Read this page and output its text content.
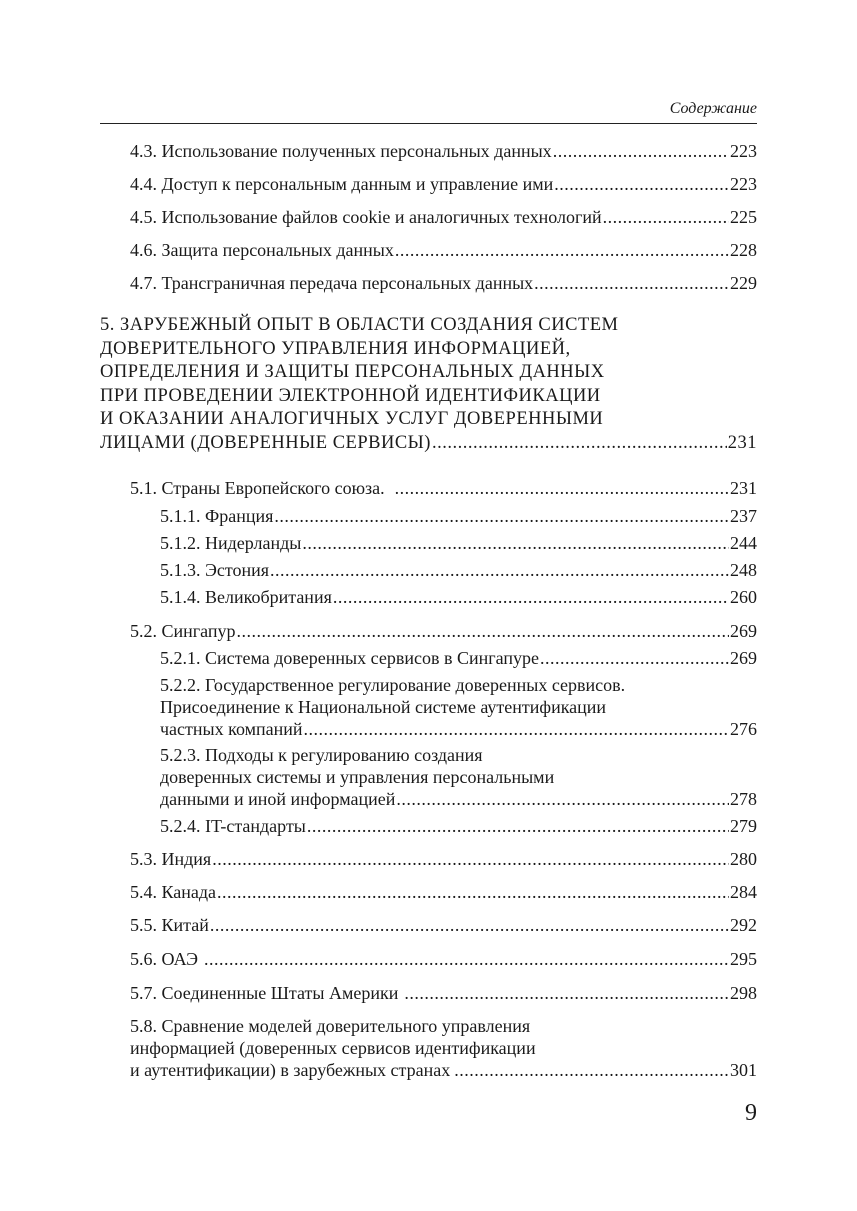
Содержание
4.3. Использование полученных персональных данных .....	223
4.4. Доступ к персональным данным и управление ими .....	223
4.5. Использование файлов cookie и аналогичных технологий .....	225
4.6. Защита персональных данных .....	228
4.7. Трансграничная передача персональных данных .....	229
5. ЗАРУБЕЖНЫЙ ОПЫТ В ОБЛАСТИ СОЗДАНИЯ СИСТЕМ
ДОВЕРИТЕЛЬНОГО УПРАВЛЕНИЯ ИНФОРМАЦИЕЙ,
ОПРЕДЕЛЕНИЯ И ЗАЩИТЫ ПЕРСОНАЛЬНЫХ ДАННЫХ
ПРИ ПРОВЕДЕНИИ ЭЛЕКТРОННОЙ ИДЕНТИФИКАЦИИ
И ОКАЗАНИИ АНАЛОГИЧНЫХ УСЛУГ ДОВЕРЕННЫМИ
ЛИЦАМИ (ДОВЕРЕННЫЕ СЕРВИСЫ) .....	231
5.1. Страны Европейского союза. .....	231
5.1.1. Франция .....	237
5.1.2. Нидерланды .....	244
5.1.3. Эстония .....	248
5.1.4. Великобритания .....	260
5.2. Сингапур .....	269
5.2.1. Система доверенных сервисов в Сингапуре .....	269
5.2.2. Государственное регулирование доверенных сервисов.
Присоединение к Национальной системе аутентификации
частных компаний .....	276
5.2.3. Подходы к регулированию создания
доверенных системы и управления персональными
данными и иной информацией .....	278
5.2.4. IT-стандарты .....	279
5.3. Индия .....	280
5.4. Канада .....	284
5.5. Китай .....	292
5.6. ОАЭ .....	295
5.7. Соединенные Штаты Америки .....	298
5.8. Сравнение моделей доверительного управления
информацией (доверенных сервисов идентификации
и аутентификации) в зарубежных странах .....	301
9
